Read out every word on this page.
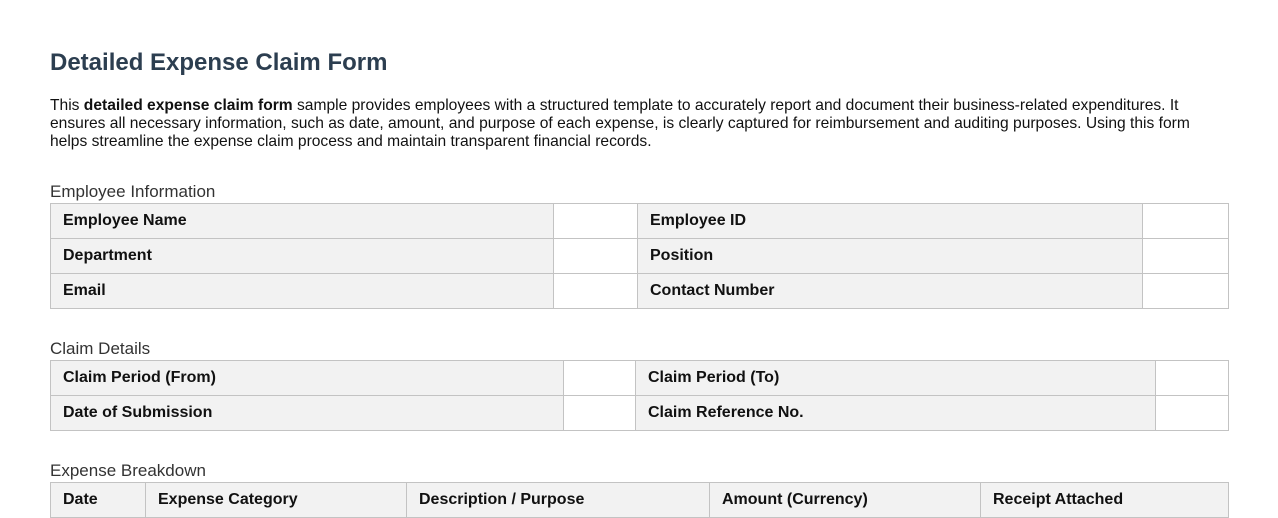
Detailed Expense Claim Form

This detailed expense claim form sample provides employees with a structured template to accurately report and document their business-related expenditures. It ensures all necessary information, such as date, amount, and purpose of each expense, is clearly captured for reimbursement and auditing purposes. Using this form helps streamline the expense claim process and maintain transparent financial records.

Employee Information
Employee Name		Employee ID	
Department		Position	
Email		Contact Number	
Claim Details
Claim Period (From)		Claim Period (To)	
Date of Submission		Claim Reference No.	
Expense Breakdown
Date	Expense Category	Description / Purpose	Amount (Currency)	Receipt Attached
